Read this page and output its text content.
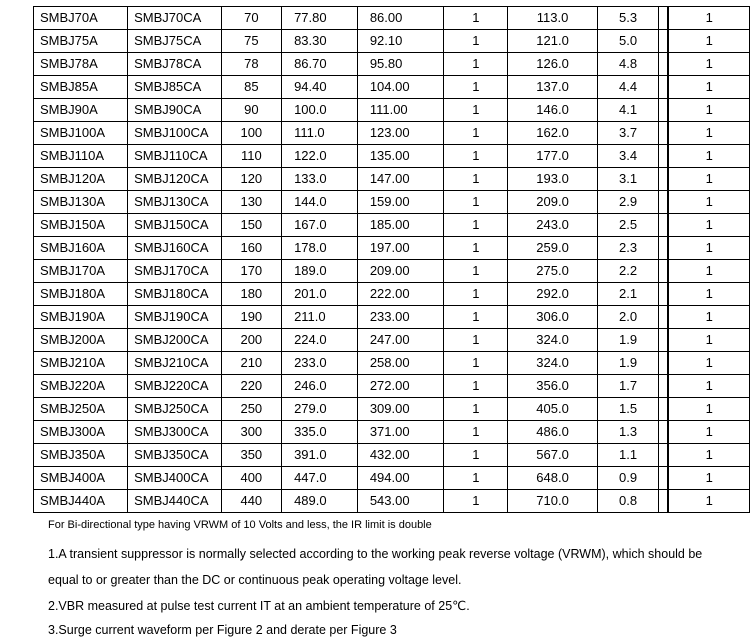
SMBJ70A	SMBJ70CA	70	77.80	86.00	1	113.0	5.3		1
SMBJ75A	SMBJ75CA	75	83.30	92.10	1	121.0	5.0		1
SMBJ78A	SMBJ78CA	78	86.70	95.80	1	126.0	4.8		1
SMBJ85A	SMBJ85CA	85	94.40	104.00	1	137.0	4.4		1
SMBJ90A	SMBJ90CA	90	100.0	111.00	1	146.0	4.1		1
SMBJ100A	SMBJ100CA	100	111.0	123.00	1	162.0	3.7		1
SMBJ110A	SMBJ110CA	110	122.0	135.00	1	177.0	3.4		1
SMBJ120A	SMBJ120CA	120	133.0	147.00	1	193.0	3.1		1
SMBJ130A	SMBJ130CA	130	144.0	159.00	1	209.0	2.9		1
SMBJ150A	SMBJ150CA	150	167.0	185.00	1	243.0	2.5		1
SMBJ160A	SMBJ160CA	160	178.0	197.00	1	259.0	2.3		1
SMBJ170A	SMBJ170CA	170	189.0	209.00	1	275.0	2.2		1
SMBJ180A	SMBJ180CA	180	201.0	222.00	1	292.0	2.1		1
SMBJ190A	SMBJ190CA	190	211.0	233.00	1	306.0	2.0		1
SMBJ200A	SMBJ200CA	200	224.0	247.00	1	324.0	1.9		1
SMBJ210A	SMBJ210CA	210	233.0	258.00	1	324.0	1.9		1
SMBJ220A	SMBJ220CA	220	246.0	272.00	1	356.0	1.7		1
SMBJ250A	SMBJ250CA	250	279.0	309.00	1	405.0	1.5		1
SMBJ300A	SMBJ300CA	300	335.0	371.00	1	486.0	1.3		1
SMBJ350A	SMBJ350CA	350	391.0	432.00	1	567.0	1.1		1
SMBJ400A	SMBJ400CA	400	447.0	494.00	1	648.0	0.9		1
SMBJ440A	SMBJ440CA	440	489.0	543.00	1	710.0	0.8		1
For Bi-directional type having VRWM of 10 Volts and less, the IR limit is double
1.A transient suppressor is normally selected according to the working peak reverse voltage (VRWM), which should be
equal to or greater than the DC or continuous peak operating voltage level.
2.VBR measured at pulse test current IT at an ambient temperature of 25℃.
3.Surge current waveform per Figure 2 and derate per Figure 3
